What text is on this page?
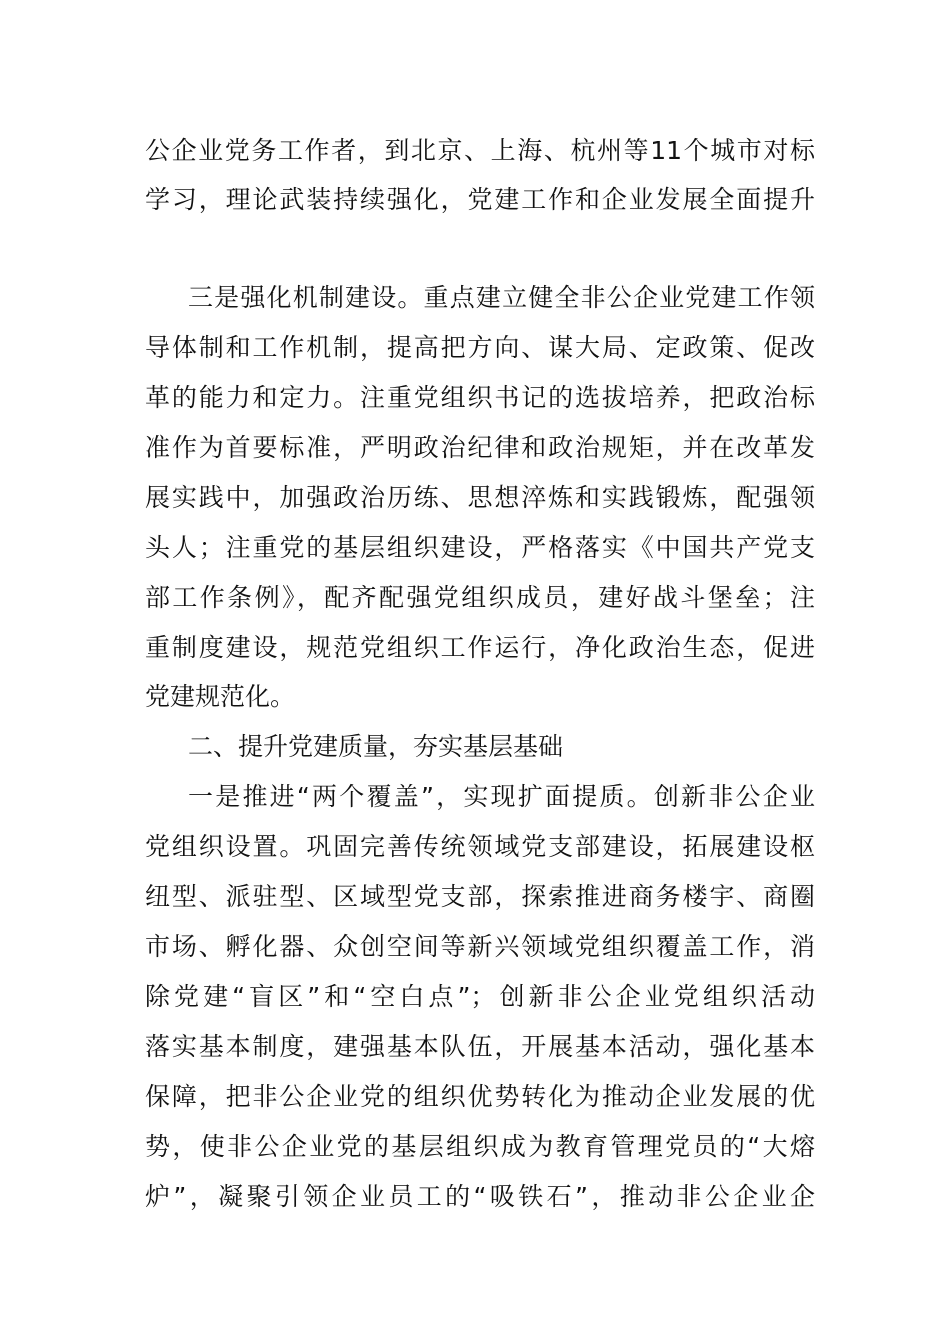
公企业党务工作者，到北京、上海、杭州等11个城市对标
学习，理论武装持续强化，党建工作和企业发展全面提升
三是强化机制建设。重点建立健全非公企业党建工作领
导体制和工作机制，提高把方向、谋大局、定政策、促改
革的能力和定力。注重党组织书记的选拔培养，把政治标
准作为首要标准，严明政治纪律和政治规矩，并在改革发
展实践中，加强政治历练、思想淬炼和实践锻炼，配强领
头人；注重党的基层组织建设，严格落实《中国共产党支
部工作条例》，配齐配强党组织成员，建好战斗堡垒；注
重制度建设，规范党组织工作运行，净化政治生态，促进
党建规范化。
二、提升党建质量，夯实基层基础
一是推进“两个覆盖”，实现扩面提质。创新非公企业
党组织设置。巩固完善传统领域党支部建设，拓展建设枢
纽型、派驻型、区域型党支部，探索推进商务楼宇、商圈
市场、孵化器、众创空间等新兴领域党组织覆盖工作，消
除党建“盲区”和“空白点”；创新非公企业党组织活动
落实基本制度，建强基本队伍，开展基本活动，强化基本
保障，把非公企业党的组织优势转化为推动企业发展的优
势，使非公企业党的基层组织成为教育管理党员的“大熔
炉”，凝聚引领企业员工的“吸铁石”，推动非公企业企
